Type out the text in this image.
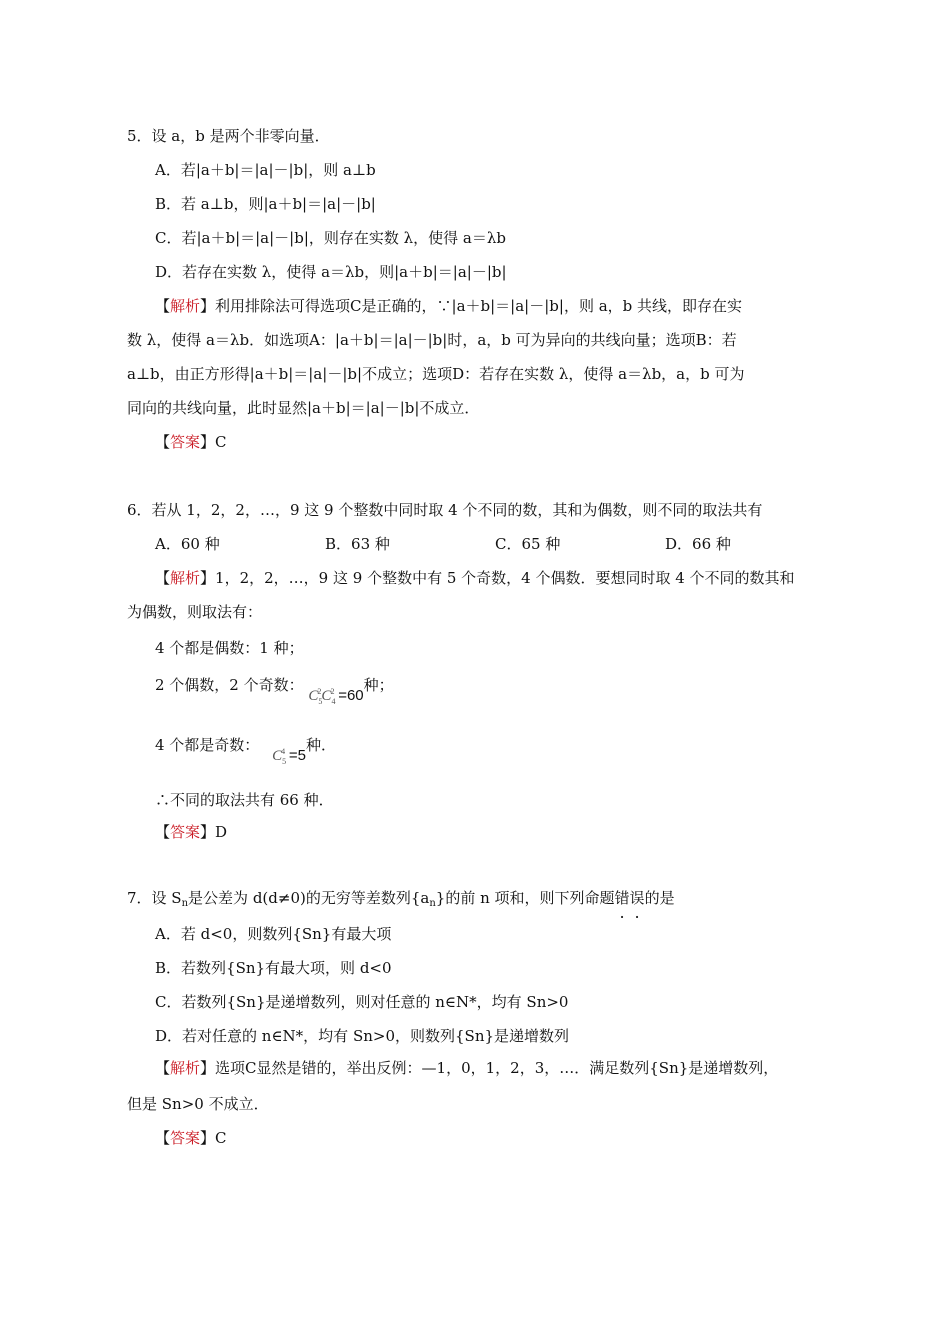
5．设 a，b 是两个非零向量．
A．若|a＋b|＝|a|－|b|，则 a⊥b
B．若 a⊥b，则|a＋b|＝|a|－|b|
C．若|a＋b|＝|a|－|b|，则存在实数 λ，使得 a＝λb
D．若存在实数 λ，使得 a＝λb，则|a＋b|＝|a|－|b|
【解析】利用排除法可得选项C是正确的，∵|a＋b|＝|a|－|b|，则 a，b 共线，即存在实
数 λ，使得 a＝λb．如选项A：|a＋b|＝|a|－|b|时，a，b 可为异向的共线向量；选项B：若
a⊥b，由正方形得|a＋b|＝|a|－|b|不成立；选项D：若存在实数 λ，使得 a＝λb，a，b 可为
同向的共线向量，此时显然|a＋b|＝|a|－|b|不成立．
【答案】C
6．若从 1，2，2，…，9 这 9 个整数中同时取 4 个不同的数，其和为偶数，则不同的取法共有
A．60 种	B．63 种	C．65 种	D．66 种
【解析】1，2，2，…，9 这 9 个整数中有 5 个奇数，4 个偶数．要想同时取 4 个不同的数其和
为偶数，则取法有：
4 个都是偶数：1 种；
2 个偶数，2 个奇数： $C_5^2C_4^2 =60$种；
4 个都是奇数： $C_5^4 =5$种．
∴不同的取法共有 66 种．
【答案】D
7．设 $S_n$是公差为 d(d≠0)的无穷等差数列$\{a_n\}$的前 n 项和，则下列命题错误的是
A．若 d<0，则数列{Sn}有最大项
B．若数列{Sn}有最大项，则 d<0
C．若数列{Sn}是递增数列，则对任意的 n∈N*，均有 Sn>0
D．若对任意的 n∈N*，均有 Sn>0，则数列{Sn}是递增数列
【解析】选项C显然是错的，举出反例：—1，0，1，2，3，…．满足数列{Sn}是递增数列，
但是 Sn>0 不成立．
【答案】C
